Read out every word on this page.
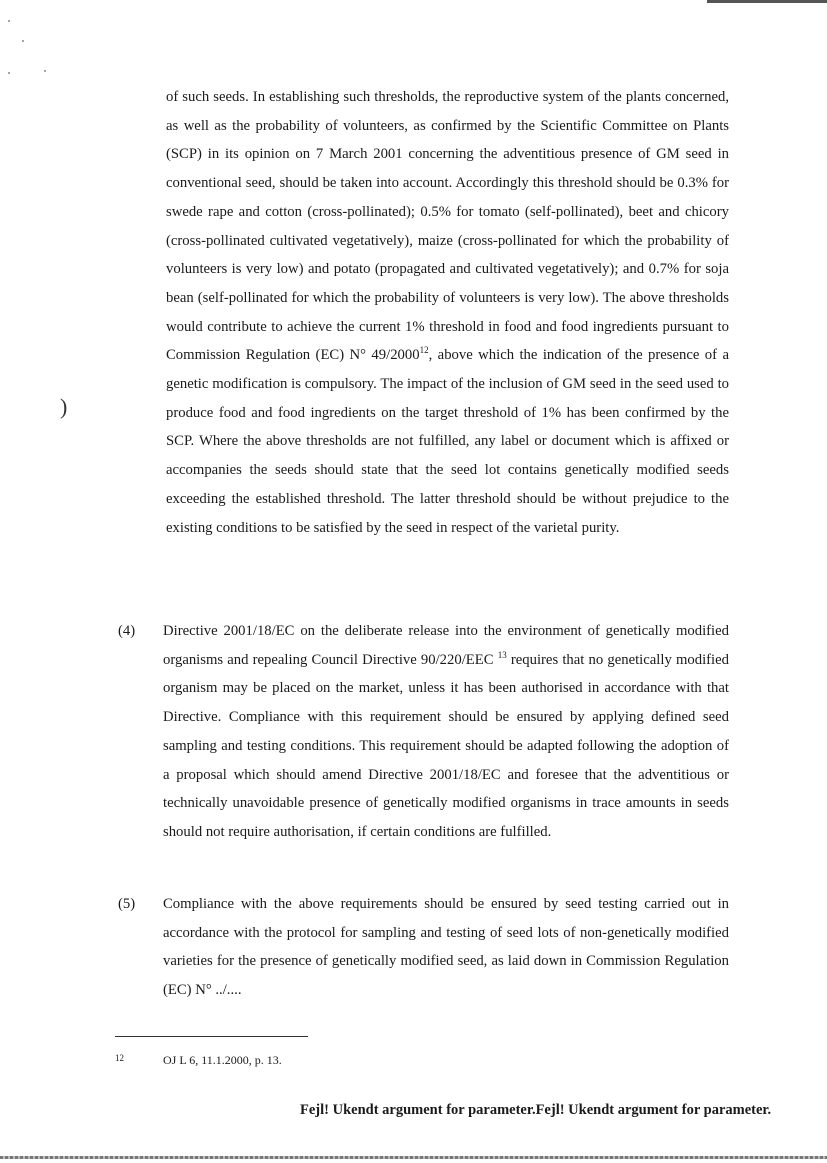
)
of such seeds. In establishing such thresholds, the reproductive system of the plants concerned, as well as the probability of volunteers, as confirmed by the Scientific Committee on Plants (SCP) in its opinion on 7 March 2001 concerning the adventitious presence of GM seed in conventional seed, should be taken into account. Accordingly this threshold should be 0.3% for swede rape and cotton (cross-pollinated); 0.5% for tomato (self-pollinated), beet and chicory (cross-pollinated cultivated vegetatively), maize (cross-pollinated for which the probability of volunteers is very low) and potato (propagated and cultivated vegetatively); and 0.7% for soja bean (self-pollinated for which the probability of volunteers is very low). The above thresholds would contribute to achieve the current 1% threshold in food and food ingredients pursuant to Commission Regulation (EC) N° 49/2000$^{12}$, above which the indication of the presence of a genetic modification is compulsory. The impact of the inclusion of GM seed in the seed used to produce food and food ingredients on the target threshold of 1% has been confirmed by the SCP. Where the above thresholds are not fulfilled, any label or document which is affixed or accompanies the seeds should state that the seed lot contains genetically modified seeds exceeding the established threshold. The latter threshold should be without prejudice to the existing conditions to be satisfied by the seed in respect of the varietal purity.
(4)	Directive 2001/18/EC on the deliberate release into the environment of genetically modified organisms and repealing Council Directive 90/220/EEC $^{13}$ requires that no genetically modified organism may be placed on the market, unless it has been authorised in accordance with that Directive. Compliance with this requirement should be ensured by applying defined seed sampling and testing conditions. This requirement should be adapted following the adoption of a proposal which should amend Directive 2001/18/EC and foresee that the adventitious or technically unavoidable presence of genetically modified organisms in trace amounts in seeds should not require authorisation, if certain conditions are fulfilled.
(5)	Compliance with the above requirements should be ensured by seed testing carried out in accordance with the protocol for sampling and testing of seed lots of non-genetically modified varieties for the presence of genetically modified seed, as laid down in Commission Regulation (EC) N° ../....
12	OJ L 6, 11.1.2000, p. 13.
Fejl! Ukendt argument for parameter.Fejl! Ukendt argument for parameter.
